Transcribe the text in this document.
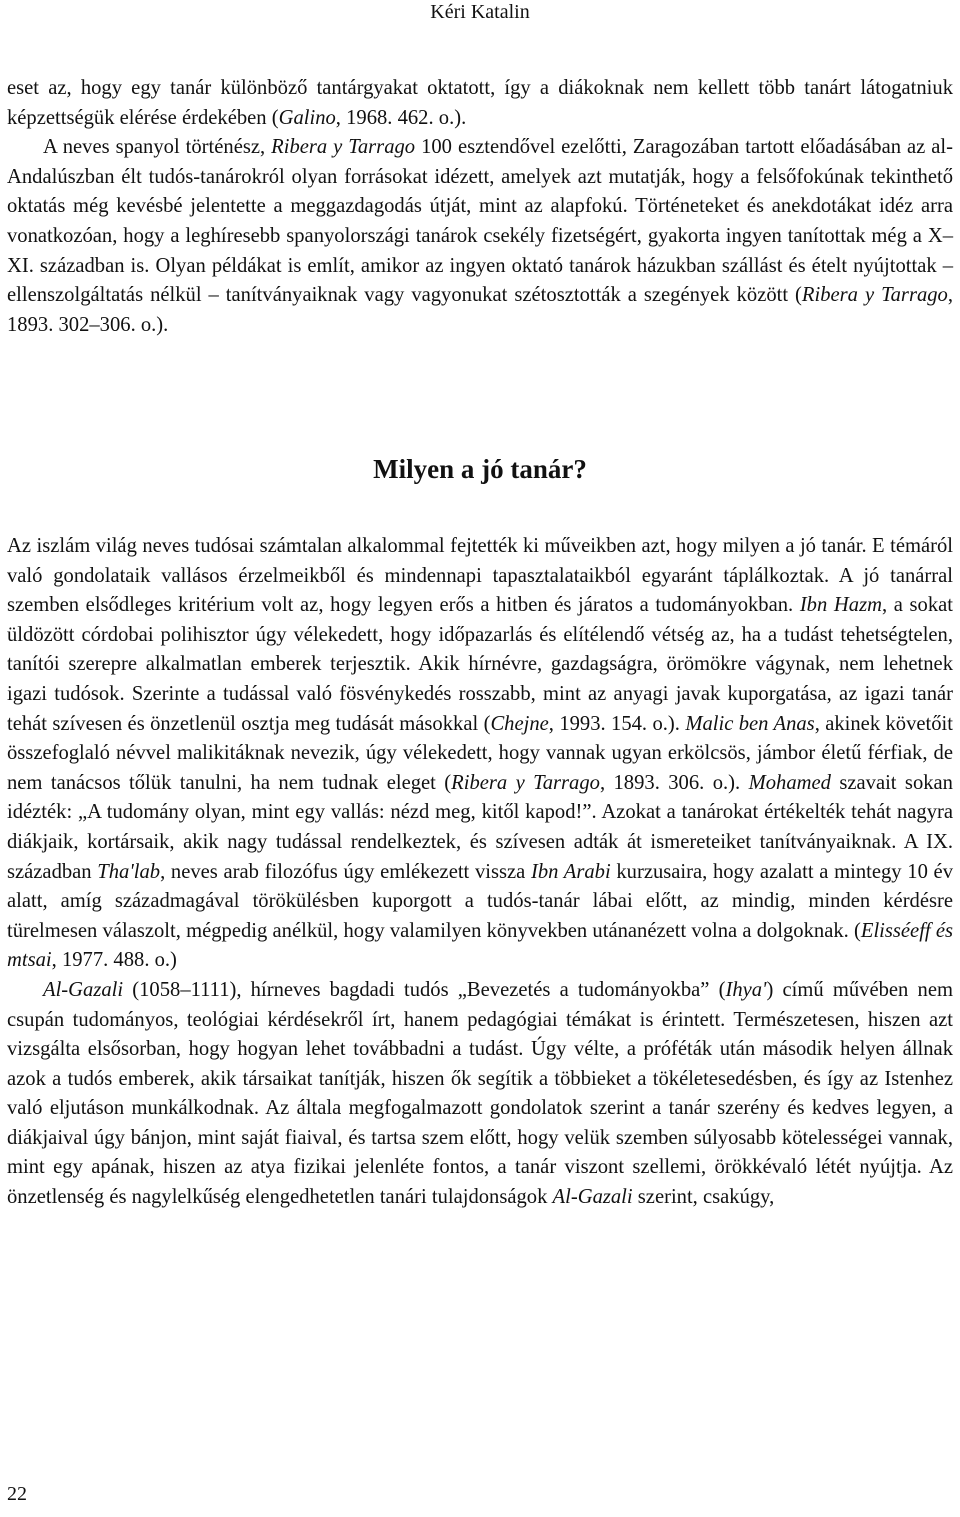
Kéri Katalin

eset az, hogy egy tanár különböző tantárgyakat oktatott, így a diákoknak nem kellett több tanárt látogatniuk képzettségük elérése érdekében (Galino, 1968. 462. o.).

A neves spanyol történész, Ribera y Tarrago 100 esztendővel ezelőtti, Zaragozában tartott előadásában az al-Andalúszban élt tudós-tanárokról olyan forrásokat idézett, amelyek azt mutatják, hogy a felsőfokúnak tekinthető oktatás még kevésbé jelentette a meggazdagodás útját, mint az alapfokú. Történeteket és anekdotákat idéz arra vonatkozóan, hogy a leghíresebb spanyolországi tanárok csekély fizetségért, gyakorta ingyen tanítottak még a X–XI. században is. Olyan példákat is említ, amikor az ingyen oktató tanárok házukban szállást és ételt nyújtottak – ellenszolgáltatás nélkül – tanítványaiknak vagy vagyonukat szétosztották a szegények között (Ribera y Tarrago, 1893. 302–306. o.).

Milyen a jó tanár?

Az iszlám világ neves tudósai számtalan alkalommal fejtették ki műveikben azt, hogy milyen a jó tanár. E témáról való gondolataik vallásos érzelmeikből és mindennapi tapasztalataikból egyaránt táplálkoztak. A jó tanárral szemben elsődleges kritérium volt az, hogy legyen erős a hitben és járatos a tudományokban. Ibn Hazm, a sokat üldözött córdobai polihisztor úgy vélekedett, hogy időpazarlás és elítélendő vétség az, ha a tudást tehetségtelen, tanítói szerepre alkalmatlan emberek terjesztik. Akik hírnévre, gazdagságra, örömökre vágynak, nem lehetnek igazi tudósok. Szerinte a tudással való fösvénykedés rosszabb, mint az anyagi javak kuporgatása, az igazi tanár tehát szívesen és önzetlenül osztja meg tudását másokkal (Chejne, 1993. 154. o.). Malic ben Anas, akinek követőit összefoglaló névvel malikitáknak nevezik, úgy vélekedett, hogy vannak ugyan erkölcsös, jámbor életű férfiak, de nem tanácsos tőlük tanulni, ha nem tudnak eleget (Ribera y Tarrago, 1893. 306. o.). Mohamed szavait sokan idézték: „A tudomány olyan, mint egy vallás: nézd meg, kitől kapod!”. Azokat a tanárokat értékelték tehát nagyra diákjaik, kortársaik, akik nagy tudással rendelkeztek, és szívesen adták át ismereteiket tanítványaiknak. A IX. században Tha'lab, neves arab filozófus úgy emlékezett vissza Ibn Arabi kurzusaira, hogy azalatt a mintegy 10 év alatt, amíg századmagával törökülésben kuporgott a tudós-tanár lábai előtt, az mindig, minden kérdésre türelmesen válaszolt, mégpedig anélkül, hogy valamilyen könyvekben utánanézett volna a dolgoknak. (Elisséeff és mtsai, 1977. 488. o.)

Al-Gazali (1058–1111), hírneves bagdadi tudós „Bevezetés a tudományokba” (Ihya') című művében nem csupán tudományos, teológiai kérdésekről írt, hanem pedagógiai témákat is érintett. Természetesen, hiszen azt vizsgálta elsősorban, hogy hogyan lehet továbbadni a tudást. Úgy vélte, a próféták után második helyen állnak azok a tudós emberek, akik társaikat tanítják, hiszen ők segítik a többieket a tökéletesedésben, és így az Istenhez való eljutáson munkálkodnak. Az általa megfogalmazott gondolatok szerint a tanár szerény és kedves legyen, a diákjaival úgy bánjon, mint saját fiaival, és tartsa szem előtt, hogy velük szemben súlyosabb kötelességei vannak, mint egy apának, hiszen az atya fizikai jelenléte fontos, a tanár viszont szellemi, örökkévaló létét nyújtja. Az önzetlenség és nagylelkűség elengedhetetlen tanári tulajdonságok Al-Gazali szerint, csakúgy,

22
